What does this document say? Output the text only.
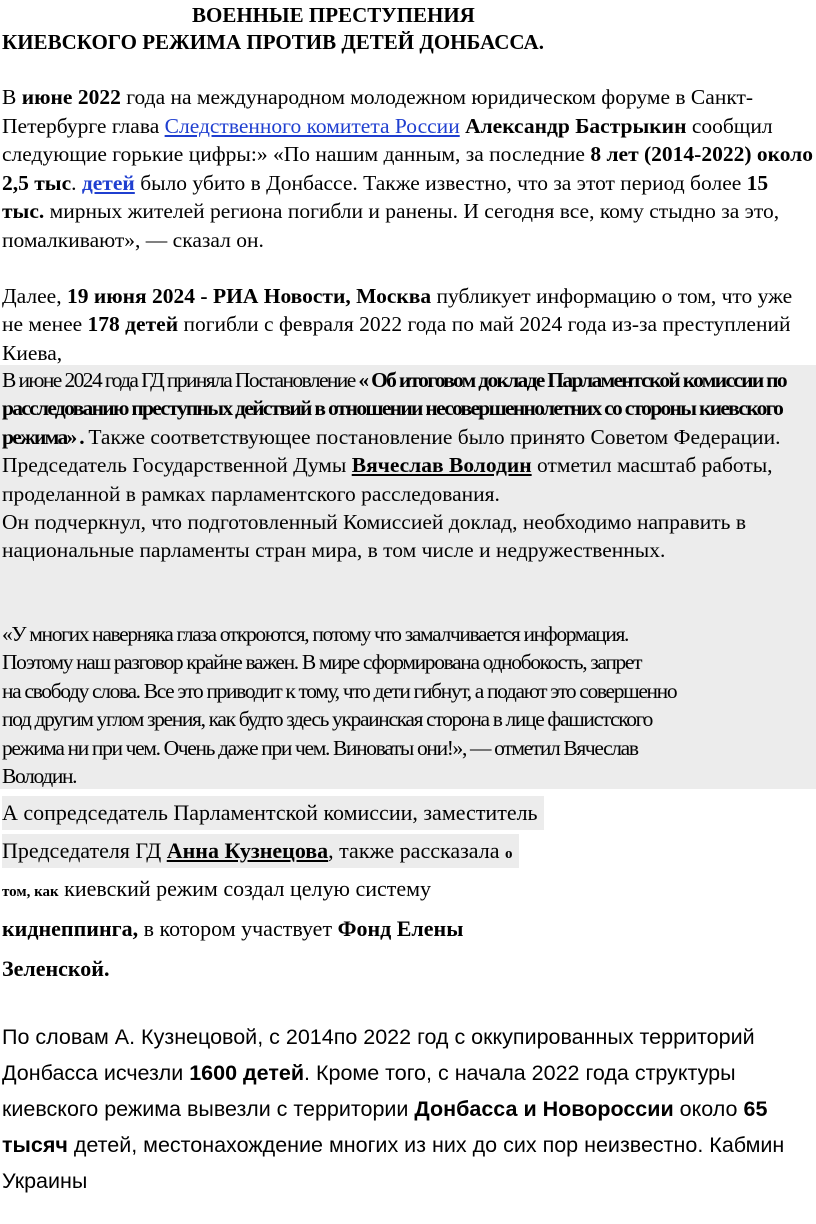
ВОЕННЫЕ ПРЕСТУПЕНИЯ
КИЕВСКОГО РЕЖИМА ПРОТИВ ДЕТЕЙ ДОНБАССА.

В июне 2022 года на международном молодежном юридическом форуме в Санкт-Петербурге глава Следственного комитета России Александр Бастрыкин сообщил следующие горькие цифры:» «По нашим данным, за последние 8 лет (2014-2022) около 2,5 тыс. детей было убито в Донбассе. Также известно, что за этот период более 15 тыс. мирных жителей региона погибли и ранены. И сегодня все, кому стыдно за это, помалкивают», — сказал он.

Далее, 19 июня 2024 - РИА Новости, Москва публикует информацию о том, что уже не менее 178 детей погибли с февраля 2022 года по май 2024 года из-за преступлений Киева,

В июне 2024 года ГД приняла Постановление « Об итоговом докладе Парламентской комиссии по расследованию преступных действий в отношении несовершеннолетних со стороны киевского режима» . Также соответствующее постановление было принято Советом Федерации.
Председатель Государственной Думы Вячеслав Володин отметил масштаб работы, проделанной в рамках парламентского расследования.
Он подчеркнул, что подготовленный Комиссией доклад, необходимо направить в национальные парламенты стран мира, в том числе и недружественных.

«У многих наверняка глаза откроются, потому что замалчивается информация.
Поэтому наш разговор крайне важен. В мире сформирована однобокость, запрет
на свободу слова. Все это приводит к тому, что дети гибнут, а подают это совершенно
под другим углом зрения, как будто здесь украинская сторона в лице фашистского
режима ни при чем. Очень даже при чем. Виноваты они!», — отметил Вячеслав
Володин.
А сопредседатель Парламентской комиссии, заместитель
Председателя ГД Анна Кузнецова, также рассказала о
том, как киевский режим создал целую систему
киднеппинга, в котором участвует Фонд Елены
Зеленской.

По словам А. Кузнецовой, с 2014по 2022 год с оккупированных территорий Донбасса исчезли 1600 детей. Кроме того, с начала 2022 года структуры киевского режима вывезли с территории Донбасса и Новороссии около 65 тысяч детей, местонахождение многих из них до сих пор неизвестно. Кабмин Украины
